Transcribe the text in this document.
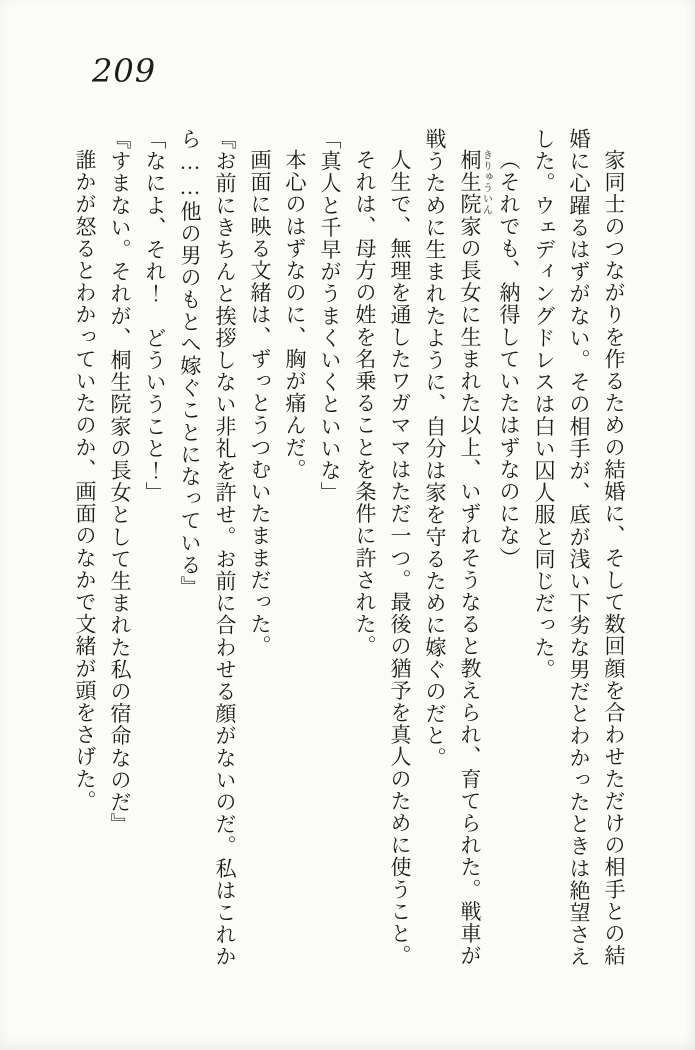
209

家同士のつながりを作るための結婚に、そして数回顔を合わせただけの相手との結婚に心躍るはずがない。その相手が、底が浅い下劣な男だとわかったときは絶望さえした。ウェディングドレスは白い囚人服と同じだった。

（それでも、納得していたはずなのにな）

桐生院きりゅういん家の長女に生まれた以上、いずれそうなると教えられ、育てられた。戦車が戦うために生まれたように、自分は家を守るために嫁ぐのだと。

人生で、無理を通したワガママはただ一つ。最後の猶予を真人のために使うこと。

それは、母方の姓を名乗ることを条件に許された。

「真人と千早がうまくいくといいな」

本心のはずなのに、胸が痛んだ。

画面に映る文緒は、ずっとうつむいたままだった。

『お前にきちんと挨拶しない非礼を許せ。お前に合わせる顔がないのだ。私はこれから……他の男のもとへ嫁ぐことになっている』

「なによ、それ！　どういうこと！」

『すまない。それが、桐生院家の長女として生まれた私の宿命なのだ』

誰かが怒るとわかっていたのか、画面のなかで文緒が頭をさげた。
